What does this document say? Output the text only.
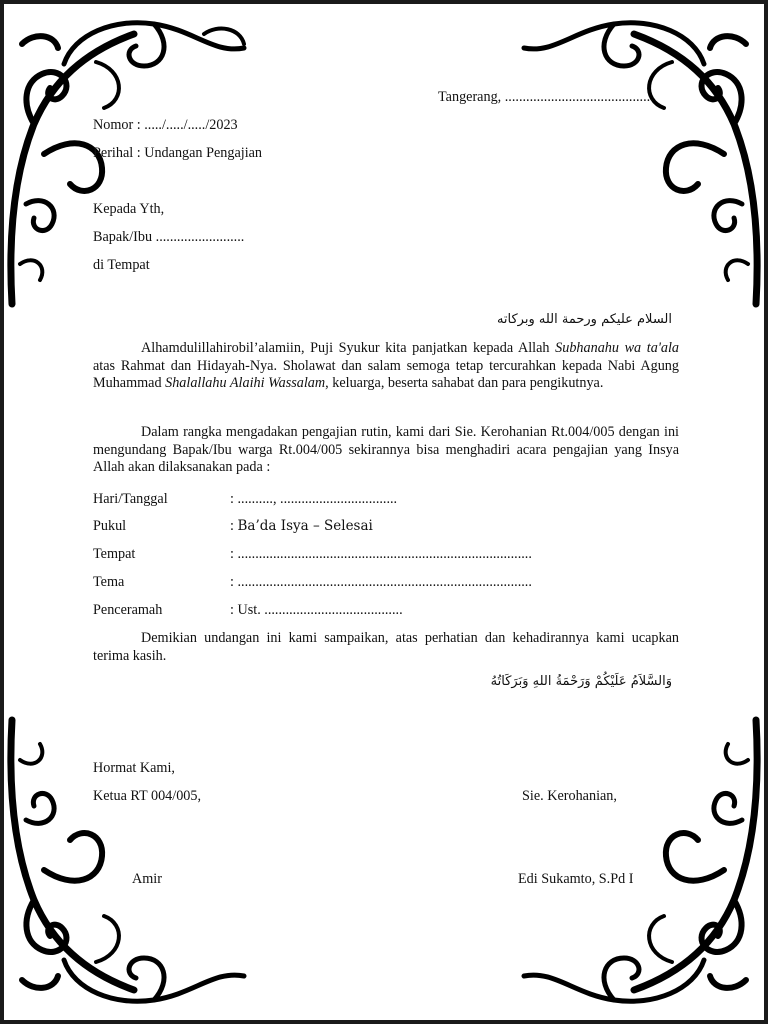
Tangerang, ..........................................
Nomor : ...../...../...../2023
Perihal : Undangan Pengajian
Kepada Yth,
Bapak/Ibu .........................
di Tempat
السلام عليكم ورحمة الله وبركاته
Alhamdulillahirobil’alamiin, Puji Syukur kita panjatkan kepada Allah Subhanahu wa ta'ala atas Rahmat dan Hidayah-Nya. Sholawat dan salam semoga tetap tercurahkan kepada Nabi Agung Muhammad Shalallahu Alaihi Wassalam, keluarga, beserta sahabat dan para pengikutnya.
Dalam rangka mengadakan pengajian rutin, kami dari Sie. Kerohanian Rt.004/005 dengan ini mengundang Bapak/Ibu warga Rt.004/005 sekirannya bisa menghadiri acara pengajian yang Insya Allah akan dilaksanakan pada :
Hari/Tanggal	: .........., .................................
Pukul	: Ba’da Isya – Selesai
Tempat	: ...................................................................................
Tema	: ...................................................................................
Penceramah	: Ust. .......................................
Demikian undangan ini kami sampaikan, atas perhatian dan kehadirannya kami ucapkan terima kasih.
وَالسَّلاَمُ عَلَيْكُمْ وَرَحْمَةُ اللهِ وَبَرَكَاتُهُ
Hormat Kami,
Ketua RT 004/005,	Sie. Kerohanian,
Amir	Edi Sukamto, S.Pd I
